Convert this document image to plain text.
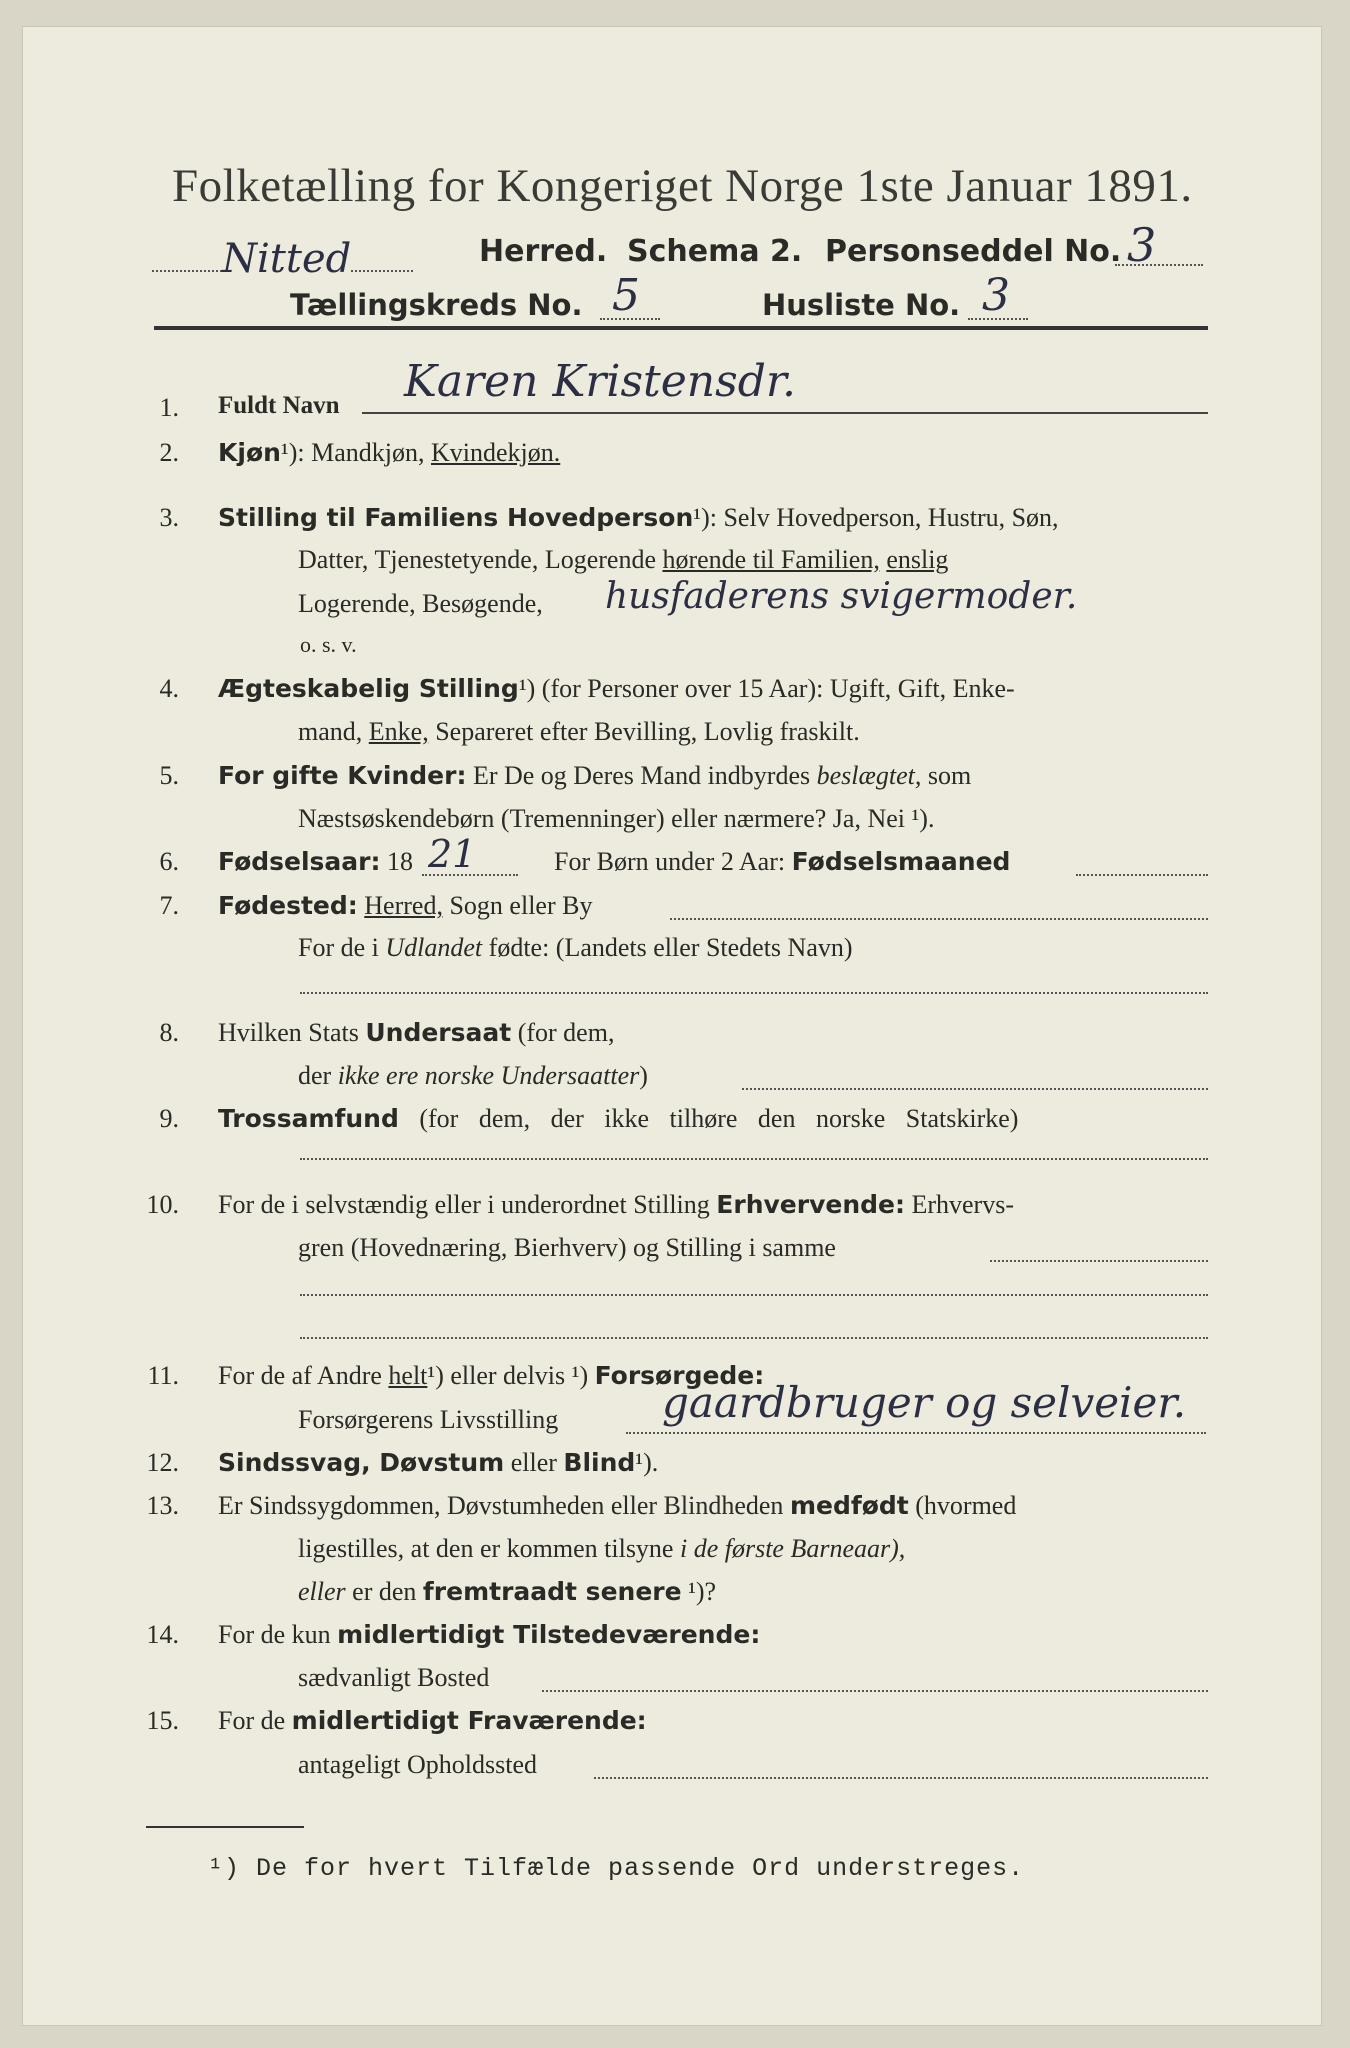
Folketælling for Kongeriget Norge 1ste Januar 1891.
Nitted	Herred. Schema 2. Personseddel No. 3
Tællingskreds No. 5	Husliste No. 3
1. Fuldt Navn Karen Kristensdr.
2. Kjøn¹): Mandkjøn, Kvindekjøn.
3. Stilling til Familiens Hovedperson¹): Selv Hovedperson, Hustru, Søn,
Datter, Tjenestetyende, Logerende hørende til Familien, enslig
Logerende, Besøgende, husfaderens svigermoder.
o. s. v.
4. Ægteskabelig Stilling¹) (for Personer over 15 Aar): Ugift, Gift, Enke-
mand, Enke, Separeret efter Bevilling, Lovlig fraskilt.
5. For gifte Kvinder: Er De og Deres Mand indbyrdes beslægtet, som
Næstsøskendebørn (Tremenninger) eller nærmere? Ja, Nei ¹).
6. Fødselsaar: 18 21	For Børn under 2 Aar: Fødselsmaaned
7. Fødested: Herred, Sogn eller By
For de i Udlandet fødte: (Landets eller Stedets Navn)
8. Hvilken Stats Undersaat (for dem,
der ikke ere norske Undersaatter)
9. Trossamfund (for dem, der ikke tilhøre den norske Statskirke)
10. For de i selvstændig eller i underordnet Stilling Erhvervende: Erhvervs-
gren (Hovednæring, Bierhverv) og Stilling i samme
11. For de af Andre helt¹) eller delvis ¹) Forsørgede:
Forsørgerens Livsstilling gaardbruger og selveier.
12. Sindssvag, Døvstum eller Blind¹).
13. Er Sindssygdommen, Døvstumheden eller Blindheden medfødt (hvormed
ligestilles, at den er kommen tilsyne i de første Barneaar),
eller er den fremtraadt senere ¹)?
14. For de kun midlertidigt Tilstedeværende:
sædvanligt Bosted
15. For de midlertidigt Fraværende:
antageligt Opholdssted
¹) De for hvert Tilfælde passende Ord understreges.
